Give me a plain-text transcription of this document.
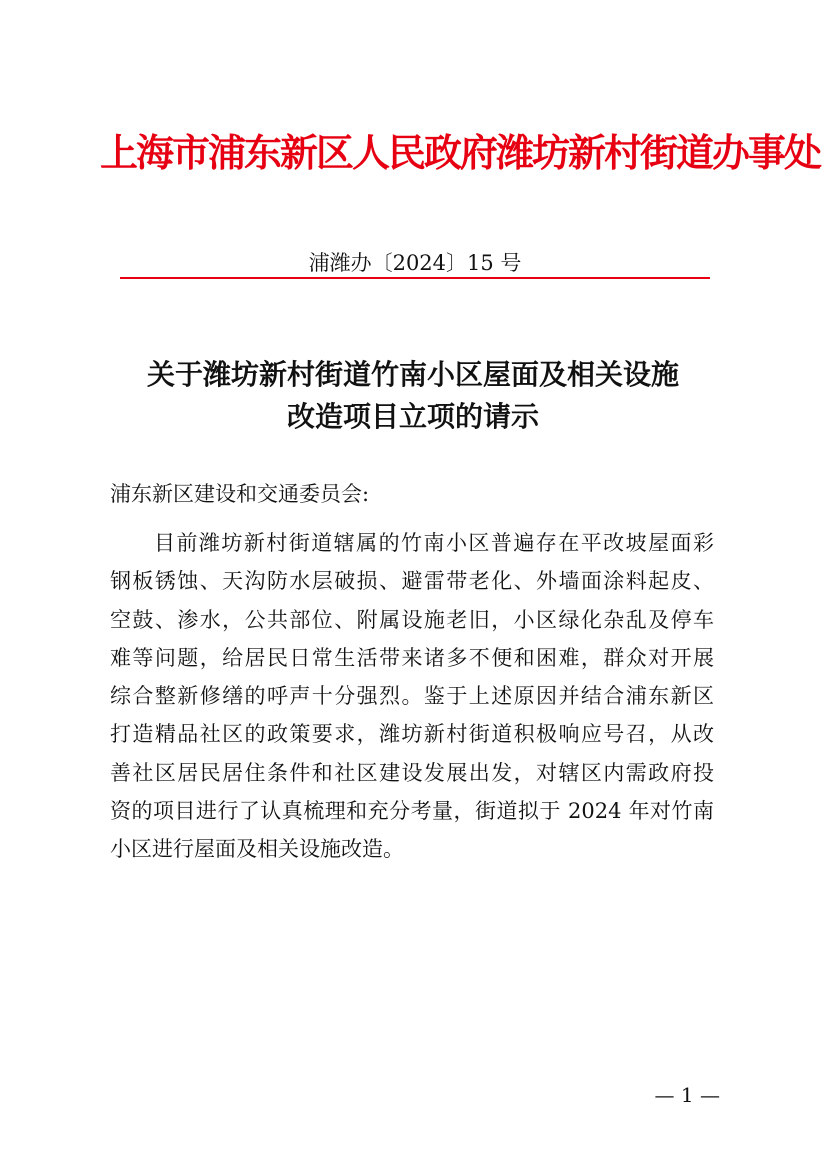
上海市浦东新区人民政府潍坊新村街道办事处
浦潍办〔2024〕15 号
关于潍坊新村街道竹南小区屋面及相关设施
改造项目立项的请示
浦东新区建设和交通委员会:
目前潍坊新村街道辖属的竹南小区普遍存在平改坡屋面彩
钢板锈蚀、天沟防水层破损、避雷带老化、外墙面涂料起皮、
空鼓、渗水，公共部位、附属设施老旧，小区绿化杂乱及停车
难等问题，给居民日常生活带来诸多不便和困难，群众对开展
综合整新修缮的呼声十分强烈。鉴于上述原因并结合浦东新区
打造精品社区的政策要求，潍坊新村街道积极响应号召，从改
善社区居民居住条件和社区建设发展出发，对辖区内需政府投
资的项目进行了认真梳理和充分考量，街道拟于 2024 年对竹南
小区进行屋面及相关设施改造。
— 1 —
